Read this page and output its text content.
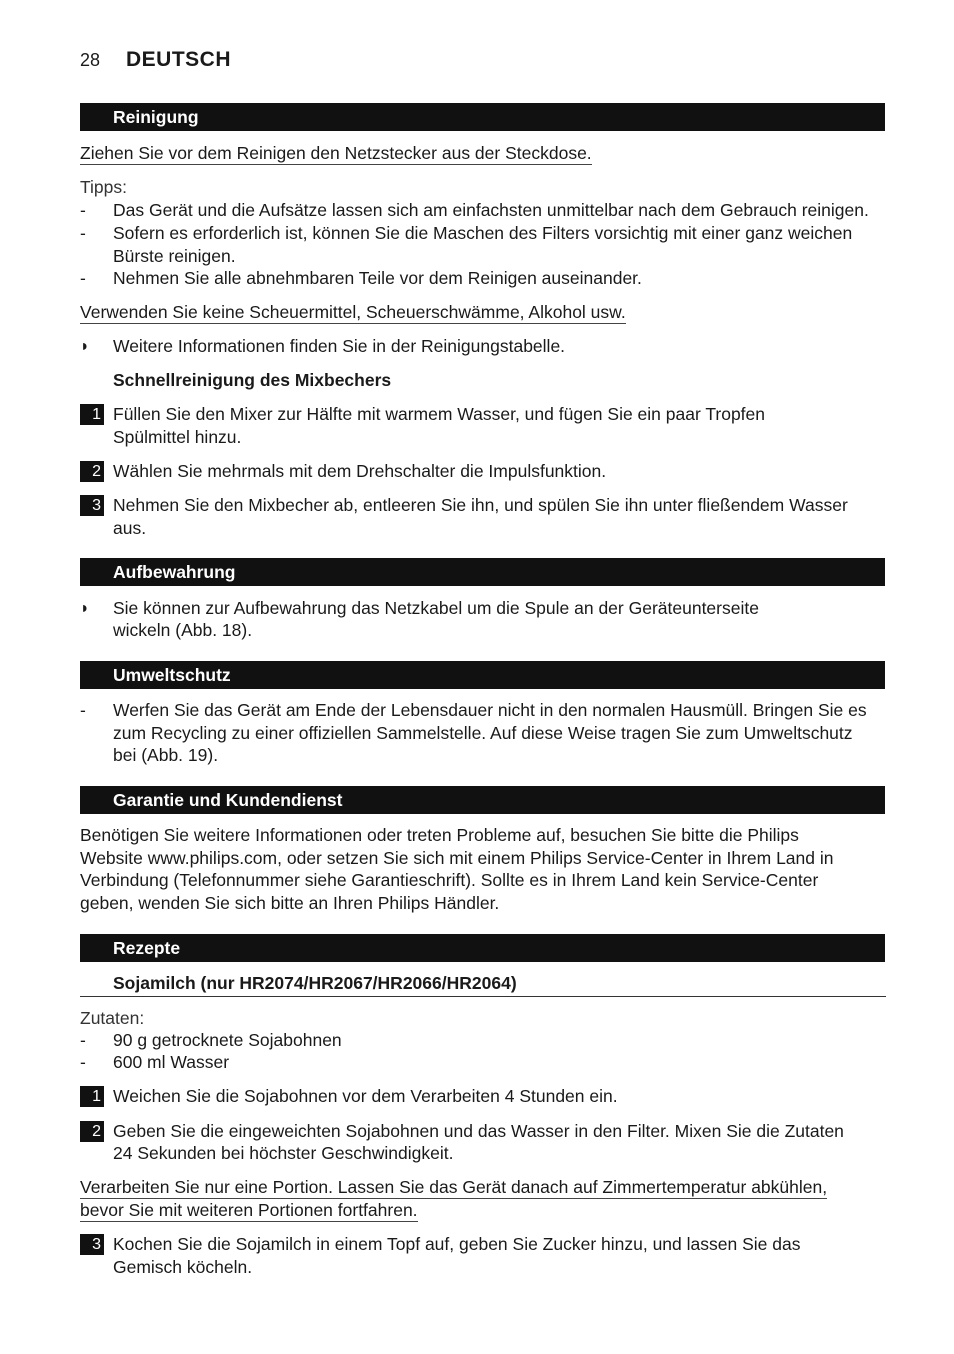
28 DEUTSCH
Reinigung
Ziehen Sie vor dem Reinigen den Netzstecker aus der Steckdose.
Tipps:
-	Das Gerät und die Aufsätze lassen sich am einfachsten unmittelbar nach dem Gebrauch reinigen.
-	Sofern es erforderlich ist, können Sie die Maschen des Filters vorsichtig mit einer ganz weichen
Bürste reinigen.
-	Nehmen Sie alle abnehmbaren Teile vor dem Reinigen auseinander.
Verwenden Sie keine Scheuermittel, Scheuerschwämme, Alkohol usw.
◗ Weitere Informationen finden Sie in der Reinigungstabelle.
Schnellreinigung des Mixbechers
1 Füllen Sie den Mixer zur Hälfte mit warmem Wasser, und fügen Sie ein paar Tropfen
Spülmittel hinzu.
2 Wählen Sie mehrmals mit dem Drehschalter die Impulsfunktion.
3 Nehmen Sie den Mixbecher ab, entleeren Sie ihn, und spülen Sie ihn unter fließendem Wasser
aus.
Aufbewahrung
◗ Sie können zur Aufbewahrung das Netzkabel um die Spule an der Geräteunterseite
wickeln (Abb. 18).
Umweltschutz
-	Werfen Sie das Gerät am Ende der Lebensdauer nicht in den normalen Hausmüll. Bringen Sie es
zum Recycling zu einer offiziellen Sammelstelle. Auf diese Weise tragen Sie zum Umweltschutz
bei (Abb. 19).
Garantie und Kundendienst
Benötigen Sie weitere Informationen oder treten Probleme auf, besuchen Sie bitte die Philips
Website www.philips.com, oder setzen Sie sich mit einem Philips Service-Center in Ihrem Land in
Verbindung (Telefonnummer siehe Garantieschrift). Sollte es in Ihrem Land kein Service-Center
geben, wenden Sie sich bitte an Ihren Philips Händler.
Rezepte
Sojamilch (nur HR2074/HR2067/HR2066/HR2064)
Zutaten:
-	90 g getrocknete Sojabohnen
-	600 ml Wasser
1 Weichen Sie die Sojabohnen vor dem Verarbeiten 4 Stunden ein.
2 Geben Sie die eingeweichten Sojabohnen und das Wasser in den Filter. Mixen Sie die Zutaten
24 Sekunden bei höchster Geschwindigkeit.
Verarbeiten Sie nur eine Portion. Lassen Sie das Gerät danach auf Zimmertemperatur abkühlen,
bevor Sie mit weiteren Portionen fortfahren.
3 Kochen Sie die Sojamilch in einem Topf auf, geben Sie Zucker hinzu, und lassen Sie das
Gemisch köcheln.
